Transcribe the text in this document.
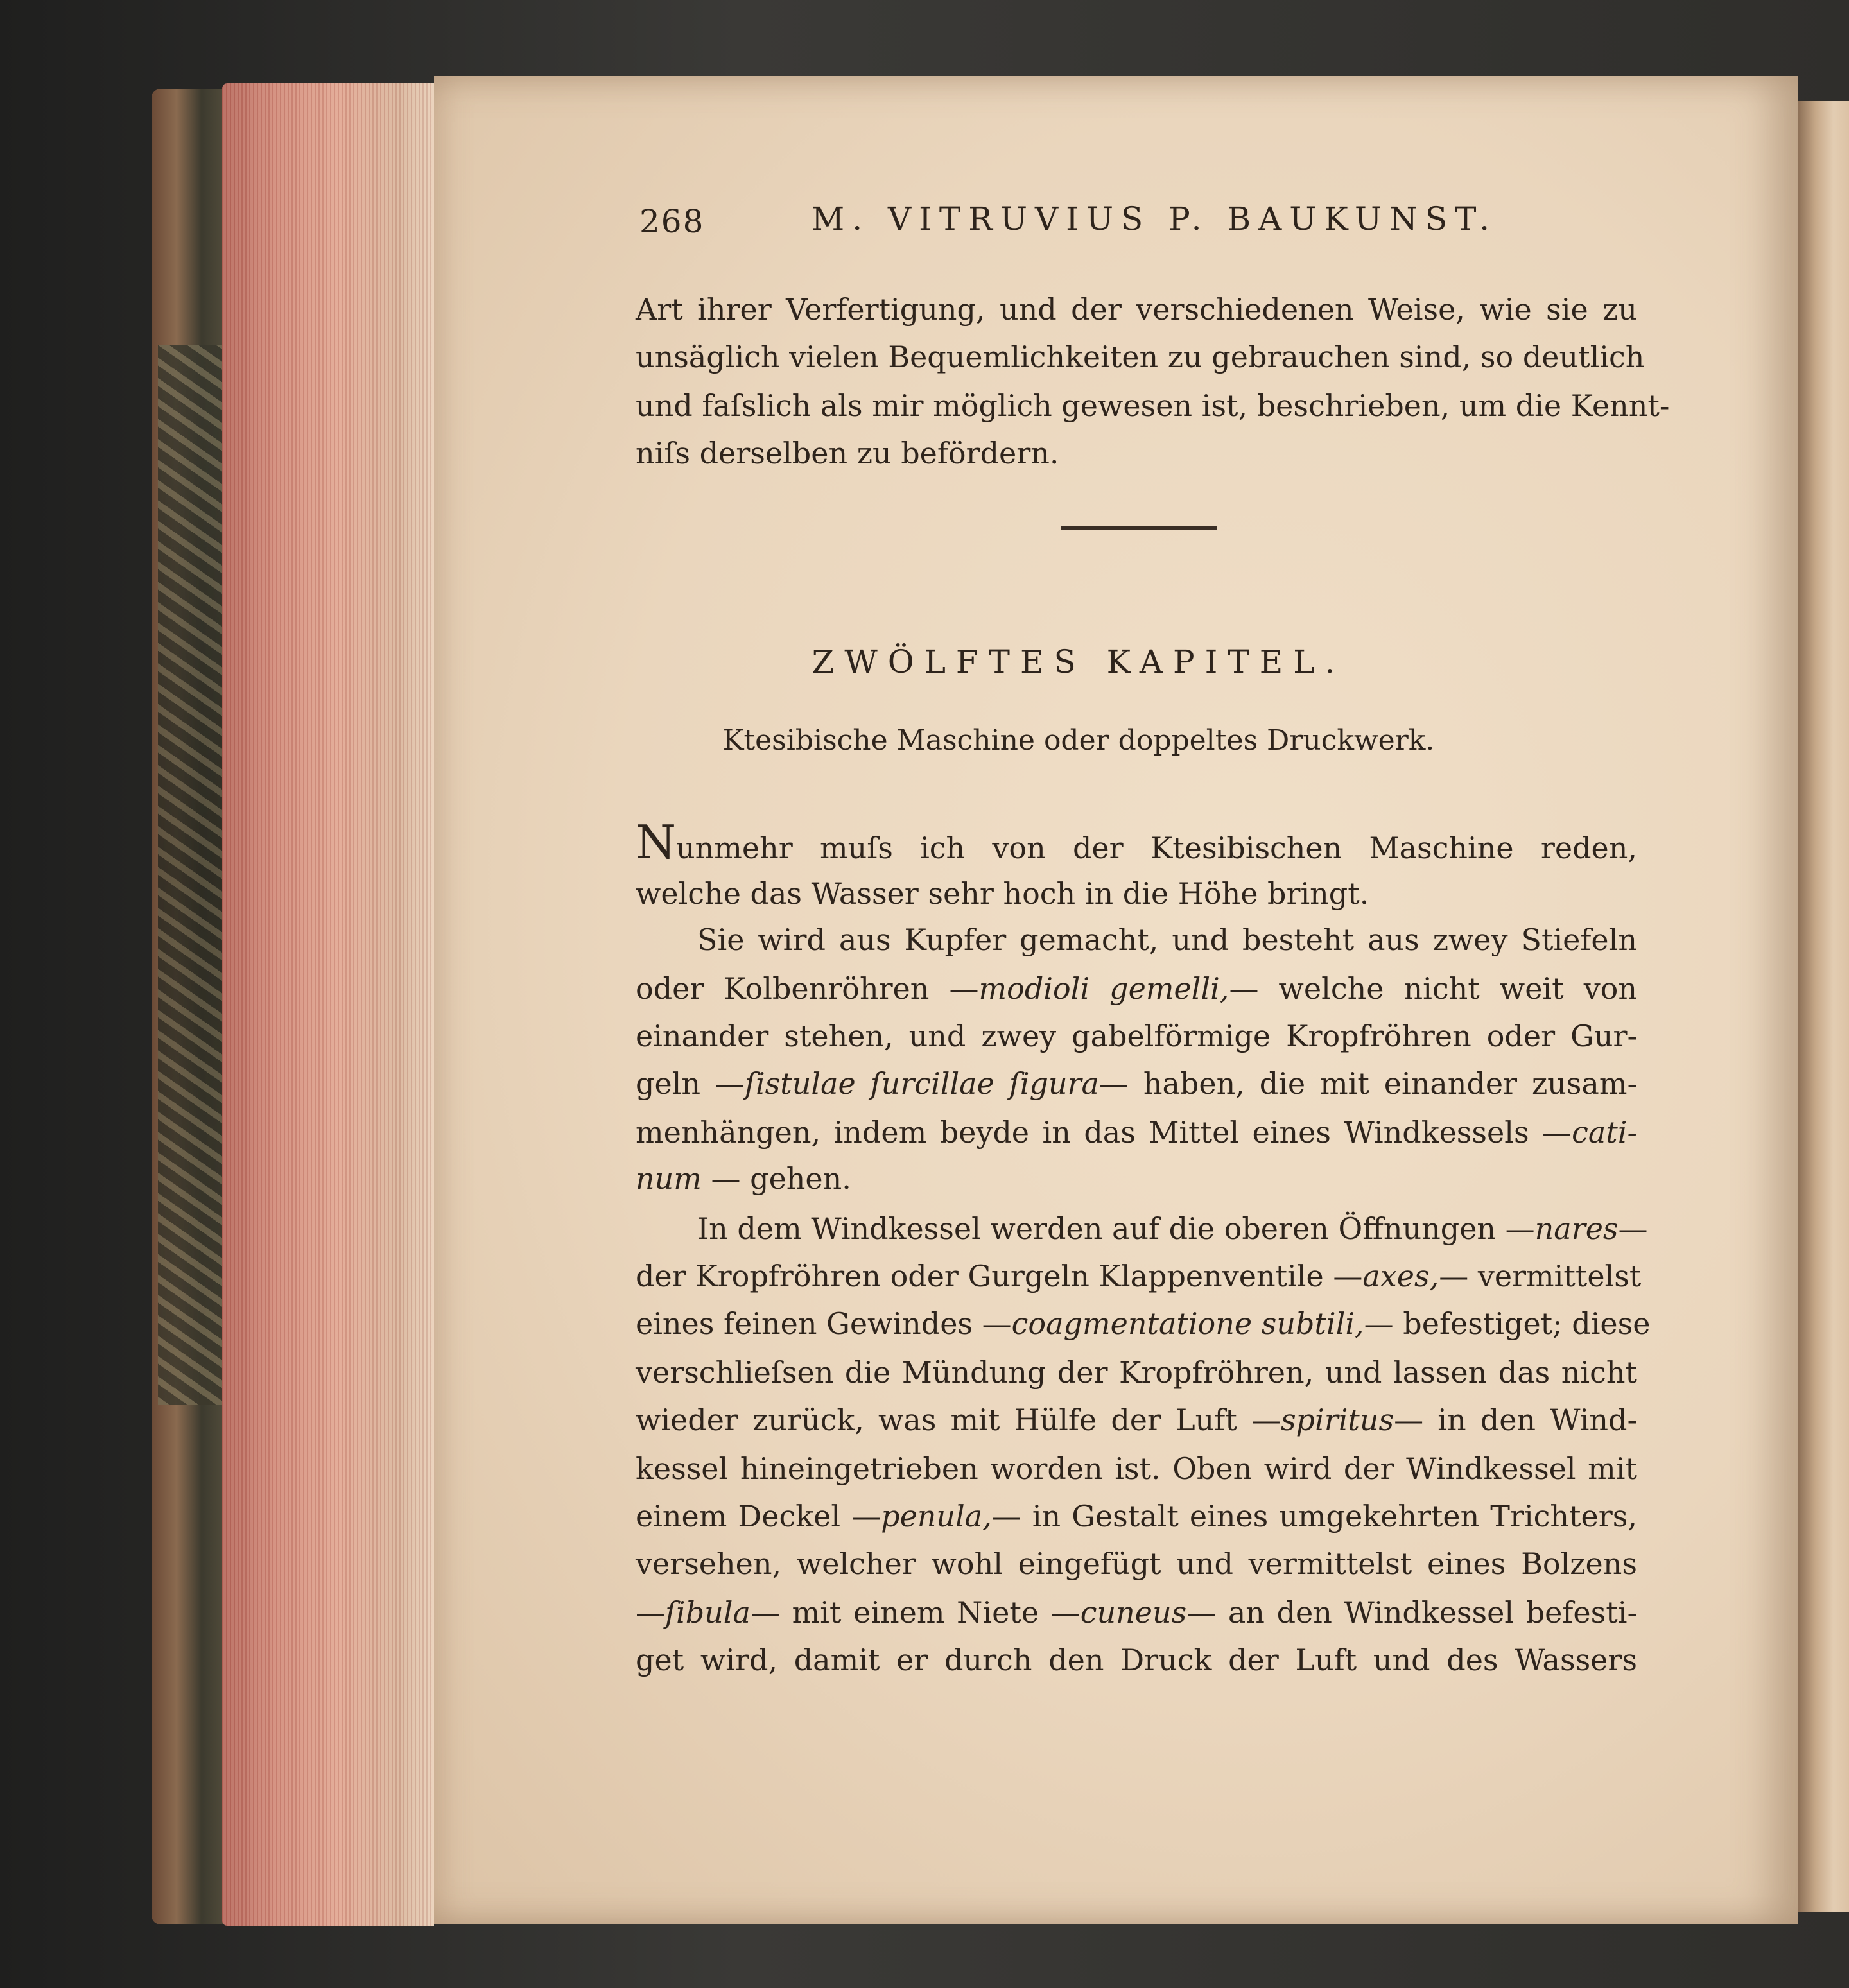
268	M. VITRUVIUS P. BAUKUNST.
Art ihrer Verfertigung, und der verschiedenen Weise, wie sie zu
unsäglich vielen Bequemlichkeiten zu gebrauchen sind, so deutlich
und faſslich als mir möglich gewesen ist, beschrieben, um die Kennt-
niſs derselben zu befördern.
ZWÖLFTES KAPITEL.
Ktesibische Maschine oder doppeltes Druckwerk.
Nunmehr muſs ich von der Ktesibischen Maschine reden,
welche das Wasser sehr hoch in die Höhe bringt.
Sie wird aus Kupfer gemacht, und besteht aus zwey Stiefeln
oder Kolbenröhren —modioli gemelli,— welche nicht weit von
einander stehen, und zwey gabelförmige Kropfröhren oder Gur-
geln —ſistulae ſurcillae ſigura— haben, die mit einander zusam-
menhängen, indem beyde in das Mittel eines Windkessels —cati-
num — gehen.
In dem Windkessel werden auf die oberen Öffnungen —nares—
der Kropfröhren oder Gurgeln Klappenventile —axes,— vermittelst
eines feinen Gewindes —coagmentatione subtili,— befestiget; diese
verschlieſsen die Mündung der Kropfröhren, und lassen das nicht
wieder zurück, was mit Hülfe der Luft —spiritus— in den Wind-
kessel hineingetrieben worden ist. Oben wird der Windkessel mit
einem Deckel —penula,— in Gestalt eines umgekehrten Trichters,
versehen, welcher wohl eingefügt und vermittelst eines Bolzens
—ſibula— mit einem Niete —cuneus— an den Windkessel befesti-
get wird, damit er durch den Druck der Luft und des Wassers
